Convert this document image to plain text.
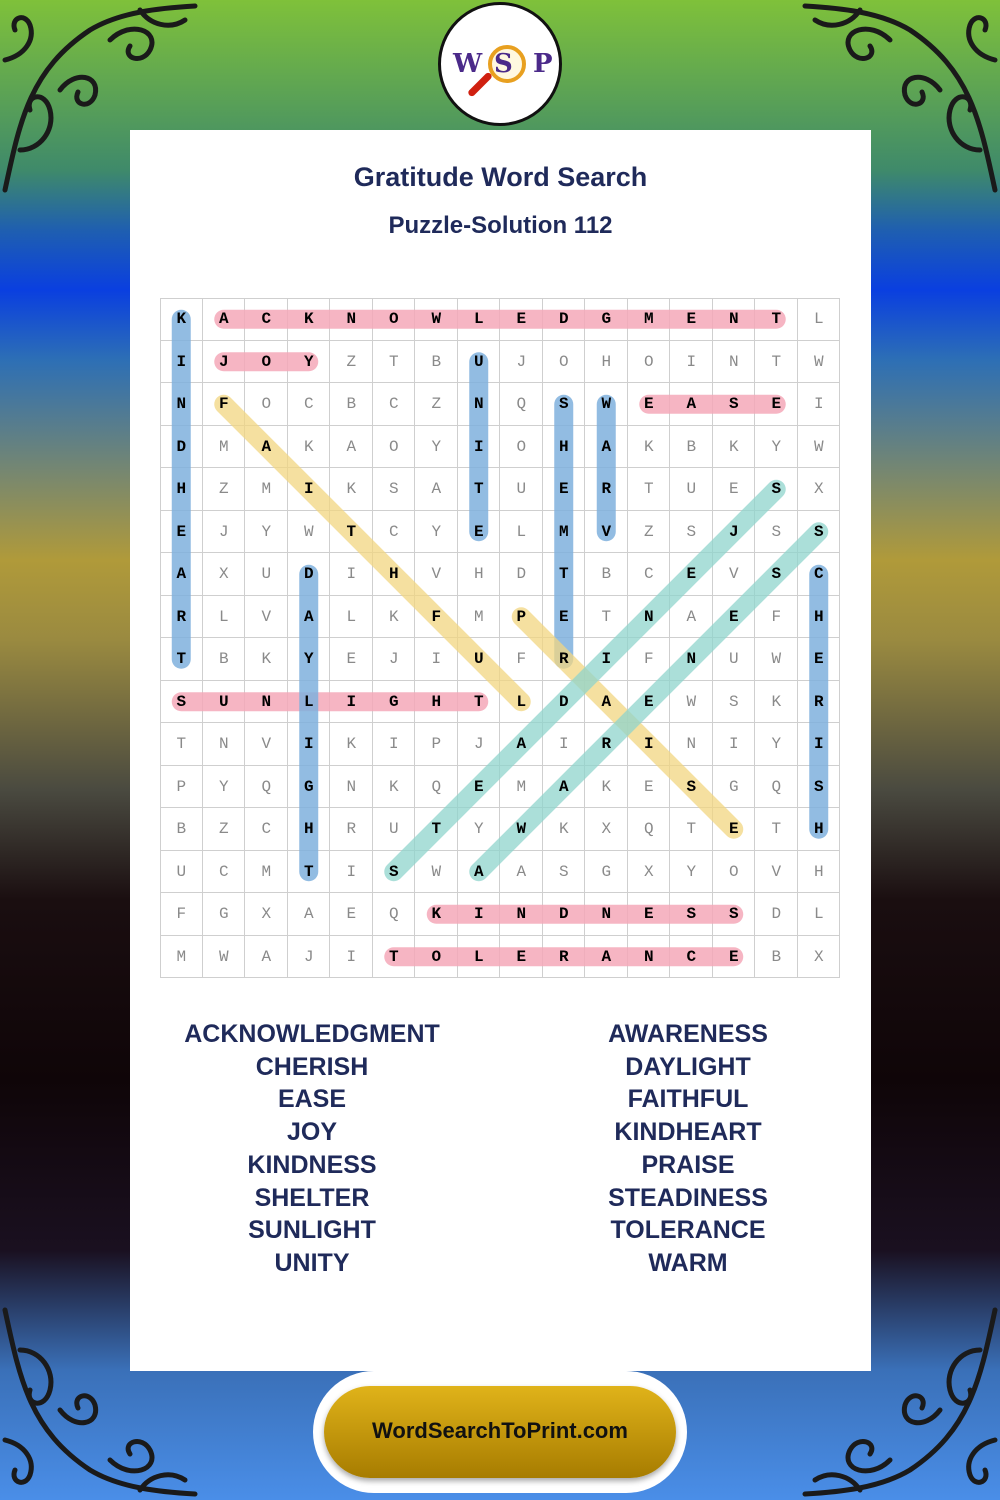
W S P
Gratitude Word Search
Puzzle-Solution 112
K	A	C	K	N	O	W	L	E	D	G	M	E	N	T	L
I	J	O	Y	Z	T	B	U	J	O	H	O	I	N	T	W
N	F	O	C	B	C	Z	N	Q	S	W	E	A	S	E	I
D	M	A	K	A	O	Y	I	O	H	A	K	B	K	Y	W
H	Z	M	I	K	S	A	T	U	E	R	T	U	E	S	X
E	J	Y	W	T	C	Y	E	L	M	V	Z	S	J	S	S
A	X	U	D	I	H	V	H	D	T	B	C	E	V	S	C
R	L	V	A	L	K	F	M	P	E	T	N	A	E	F	H
T	B	K	Y	E	J	I	U	F	R	I	F	N	U	W	E
S	U	N	L	I	G	H	T	L	D	A	E	W	S	K	R
T	N	V	I	K	I	P	J	A	I	R	I	N	I	Y	I
P	Y	Q	G	N	K	Q	E	M	A	K	E	S	G	Q	S
B	Z	C	H	R	U	T	Y	W	K	X	Q	T	E	T	H
U	C	M	T	I	S	W	A	A	S	G	X	Y	O	V	H
F	G	X	A	E	Q	K	I	N	D	N	E	S	S	D	L
M	W	A	J	I	T	O	L	E	R	A	N	C	E	B	X
ACKNOWLEDGMENT
CHERISH
EASE
JOY
KINDNESS
SHELTER
SUNLIGHT
UNITY
AWARENESS
DAYLIGHT
FAITHFUL
KINDHEART
PRAISE
STEADINESS
TOLERANCE
WARM
WordSearchToPrint.com
